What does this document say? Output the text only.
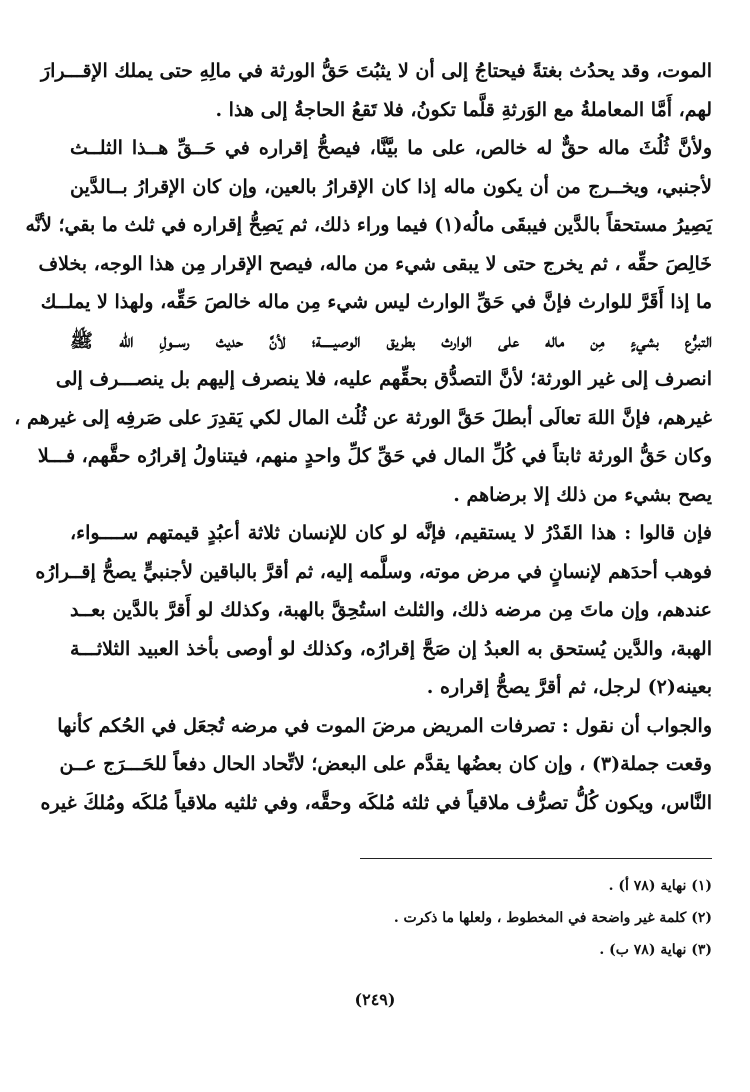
الموت، وقد يحدُث بغتةً فيحتاجُ إلى أن لا يثبُتَ حَقُّ الورثة في مالِهِ حتى يملك الإقـــرارَ
لهم، أَمَّا المعاملةُ مع الوَرثةِ قلَّما تكونُ، فلا تَقعُ الحاجةُ إلى هذا .
ولأنَّ ثُلُثَ ماله حقٌّ له خالص، على ما بيَّنَّا، فيصحُّ إقراره في حَــقِّ هــذا الثلــث
لأجنبي، ويخــرج من أن يكون ماله إذا كان الإقرارُ بالعين، وإن كان الإقرارُ بــالدَّين
يَصِيرُ مستحقاً بالدَّين فيبقَى مالُه(١) فيما وراء ذلك، ثم يَصِحُّ إقراره في ثلث ما بقي؛ لأنَّه
خَالِصَ حقِّه ، ثم يخرج حتى لا يبقى شيء من ماله، فيصح الإقرار مِن هذا الوجه، بخلاف
ما إذا أَقَرَّ للوارث فإنَّ في حَقِّ الوارث ليس شيء مِن ماله خالصَ حَقِّه، ولهذا لا يملــك
التبرُّع بشيءٍ مِن ماله على الوارث بطريق الوصيـــــة؛ لأنَّ حديث رســولِ الله ﷺ
انصرف إلى غير الورثة؛ لأنَّ التصدُّق بحقِّهم عليه، فلا ينصرف إليهم بل ينصـــرف إلى
غيرهم، فإنَّ اللهَ تعالَى أبطلَ حَقَّ الورثة عن ثُلُث المال لكي يَقدِرَ على صَرفِه إلى غيرهم ،
وكان حَقُّ الورثة ثابتاً في كُلِّ المال في حَقِّ كلِّ واحدٍ منهم، فيتناولُ إقرارُه حقَّهم، فـــلا
يصح بشيء من ذلك إلا برضاهم .
فإن قالوا : هذا القَدْرُ لا يستقيم، فإنَّه لو كان للإنسان ثلاثة أعبُدٍ قيمتهم ســــواء،
فوهب أحدَهم لإنسانٍ في مرض موته، وسلَّمه إليه، ثم أقرَّ بالباقين لأجنبيٍّ يصحُّ إقــرارُه
عندهم، وإن ماتَ مِن مرضه ذلك، والثلث استُحِقَّ بالهبة، وكذلك لو أَقرَّ بالدَّين بعــد
الهبة، والدَّين يُستحق به العبدُ إن صَحَّ إقرارُه، وكذلك لو أوصى بأخذ العبيد الثلاثـــة
بعينه(٢) لرجل، ثم أقرَّ يصحُّ إقراره .
والجواب أن نقول : تصرفات المريض مرضَ الموت في مرضه تُجعَل في الحُكم كأنها
وقعت جملة(٣) ، وإن كان بعضُها يقدَّم على البعض؛ لاتِّحاد الحال دفعاً للحَـــرَج عــن
النَّاس، ويكون كُلُّ تصرُّف ملاقياً في ثلثه مُلكَه وحقَّه، وفي ثلثيه ملاقياً مُلكَه ومُلكَ غيره
(١) نهاية (٧٨ أ) .
(٢) كلمة غير واضحة في المخطوط ، ولعلها ما ذكرت .
(٣) نهاية (٧٨ ب) .
(٢٤٩)
